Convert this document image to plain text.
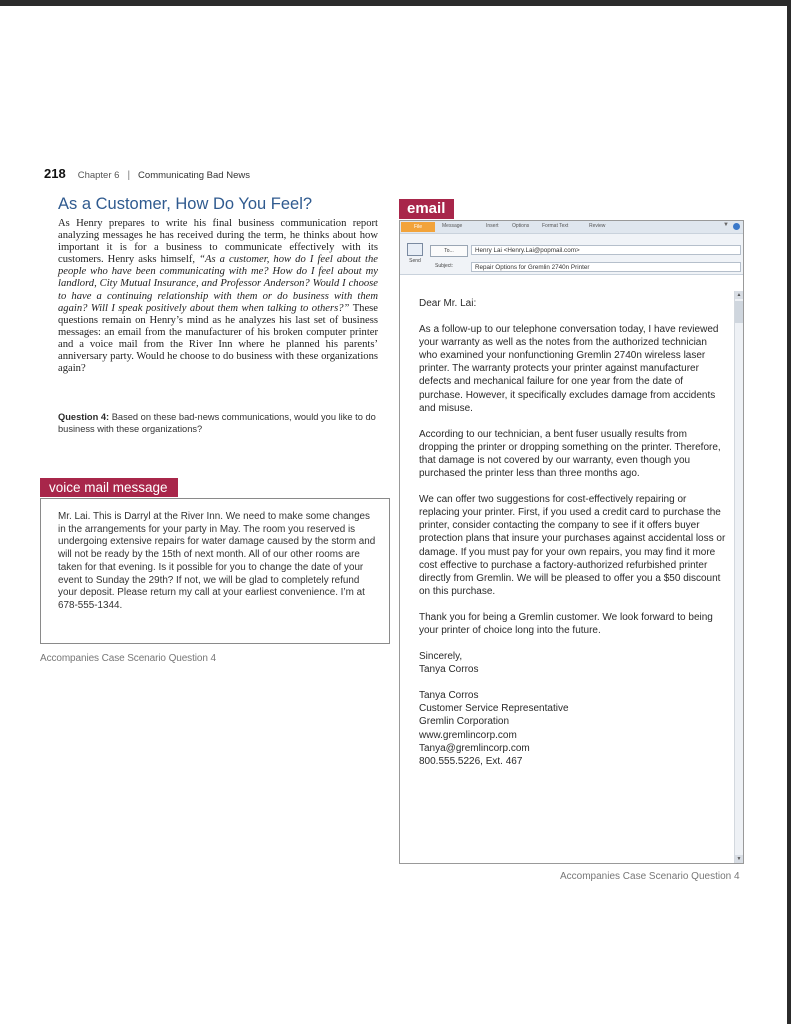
218 Chapter 6 | Communicating Bad News
As a Customer, How Do You Feel?
As Henry prepares to write his final business communication report analyzing messages he has received during the term, he thinks about how important it is for a business to communicate effectively with its customers. Henry asks himself, “As a customer, how do I feel about the people who have been communicating with me? How do I feel about my landlord, City Mutual Insurance, and Professor Anderson? Would I choose to have a continuing relationship with them or do business with them again? Will I speak positively about them when talking to others?” These questions remain on Henry’s mind as he analyzes his last set of business messages: an email from the manufacturer of his broken computer printer and a voice mail from the River Inn where he planned his parents’ anniversary party. Would he choose to do business with these organizations again?
Question 4: Based on these bad-news communications, would you like to do business with these organizations?
voice mail message
Mr. Lai. This is Darryl at the River Inn. We need to make some changes in the arrangements for your party in May. The room you reserved is undergoing extensive repairs for water damage caused by the storm and will not be ready by the 15th of next month. All of our other rooms are taken for that evening. Is it possible for you to change the date of your event to Sunday the 29th? If not, we will be glad to completely refund your deposit. Please return my call at your earliest convenience. I’m at 678-555-1344.
Accompanies Case Scenario Question 4
email
File	Message	Insert	Options	Format Text	Review	▼
Send
To...
Subject:
Henry Lai <Henry.Lai@popmail.com>
Repair Options for Gremlin 2740n Printer

Dear Mr. Lai:

As a follow-up to our telephone conversation today, I have reviewed your warranty as well as the notes from the authorized technician who examined your nonfunctioning Gremlin 2740n wireless laser printer. The warranty protects your printer against manufacturer defects and mechanical failure for one year from the date of purchase. However, it specifically excludes damage from accidents and misuse.

According to our technician, a bent fuser usually results from dropping the printer or dropping something on the printer. Therefore, that damage is not covered by our warranty, even though you purchased the printer less than three months ago.

We can offer two suggestions for cost-effectively repairing or replacing your printer. First, if you used a credit card to purchase the printer, consider contacting the company to see if it offers buyer protection plans that insure your purchases against accidental loss or damage. If you must pay for your own repairs, you may find it more cost effective to purchase a factory-authorized refurbished printer directly from Gremlin. We will be pleased to offer you a $50 discount on this purchase.

Thank you for being a Gremlin customer. We look forward to being your printer of choice long into the future.

Sincerely,
Tanya Corros
Tanya Corros
Customer Service Representative
Gremlin Corporation
www.gremlincorp.com
Tanya@gremlincorp.com
800.555.5226, Ext. 467
▲
▼
Accompanies Case Scenario Question 4
